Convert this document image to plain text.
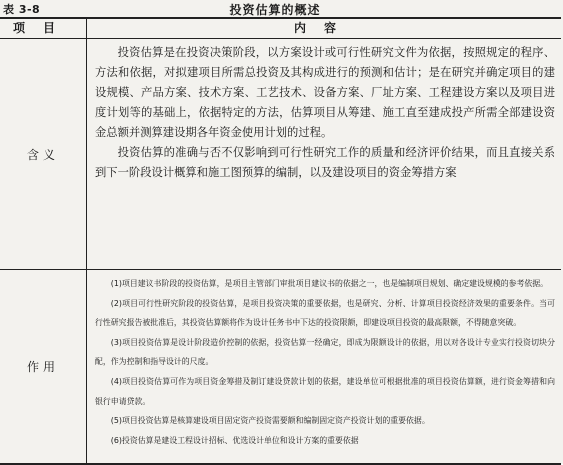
表 3-8	投资估算的概述
项目	内容
含义

投资估算是在投资决策阶段，以方案设计或可行性研究文件为依据，按照规定的程序、方法和依据，对拟建项目所需总投资及其构成进行的预测和估计；是在研究并确定项目的建设规模、产品方案、技术方案、工艺技术、设备方案、厂址方案、工程建设方案以及项目进度计划等的基础上，依据特定的方法，估算项目从筹建、施工直至建成投产所需全部建设资金总额并测算建设期各年资金使用计划的过程。

投资估算的准确与否不仅影响到可行性研究工作的质量和经济评价结果，而且直接关系到下一阶段设计概算和施工图预算的编制，以及建设项目的资金筹措方案

作用

(1)项目建议书阶段的投资估算，是项目主管部门审批项目建议书的依据之一，也是编制项目规划、确定建设规模的参考依据。

(2)项目可行性研究阶段的投资估算，是项目投资决策的重要依据，也是研究、分析、计算项目投资经济效果的重要条件。当可行性研究报告被批准后，其投资估算额将作为设计任务书中下达的投资限额，即建设项目投资的最高限额，不得随意突破。

(3)项目投资估算是设计阶段造价控制的依据，投资估算一经确定，即成为限额设计的依据，用以对各设计专业实行投资切块分配，作为控制和指导设计的尺度。

(4)项目投资估算可作为项目资金筹措及制订建设贷款计划的依据，建设单位可根据批准的项目投资估算额，进行资金筹措和向银行申请贷款。

(5)项目投资估算是核算建设项目固定资产投资需要额和编制固定资产投资计划的重要依据。

(6)投资估算是建设工程设计招标、优选设计单位和设计方案的重要依据
